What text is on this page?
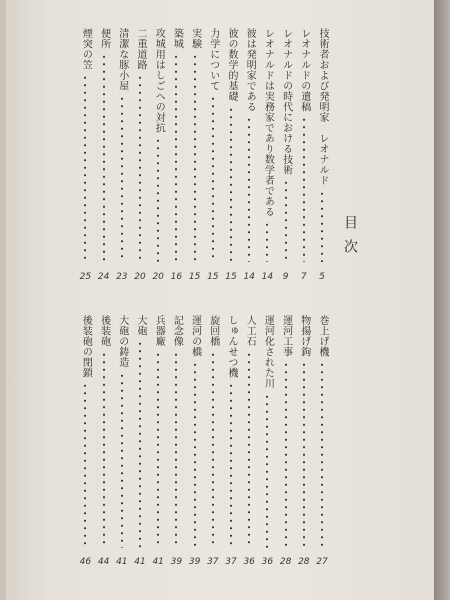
目次
技術者および発明家　レオナルド
5
レオナルドの遺稿
7
レオナルドの時代における技術
9
レオナルドは実務家であり数学者である
14
彼は発明家である
14
彼の数学的基礎
15
力学について
15
実験
15
築城
16
攻城用はしごへの対抗
20
二重道路
20
清潔な豚小屋
23
便所
24
煙突の笠
25
巻上げ機
27
物揚げ鉤
28
運河工事
28
運河化された川
36
人工石
36
しゅんせつ機
37
旋回橋
37
運河の橋
39
記念像
39
兵器廠
41
大砲
41
大砲の鋳造
41
後装砲
44
後装砲の閉鎖
46
